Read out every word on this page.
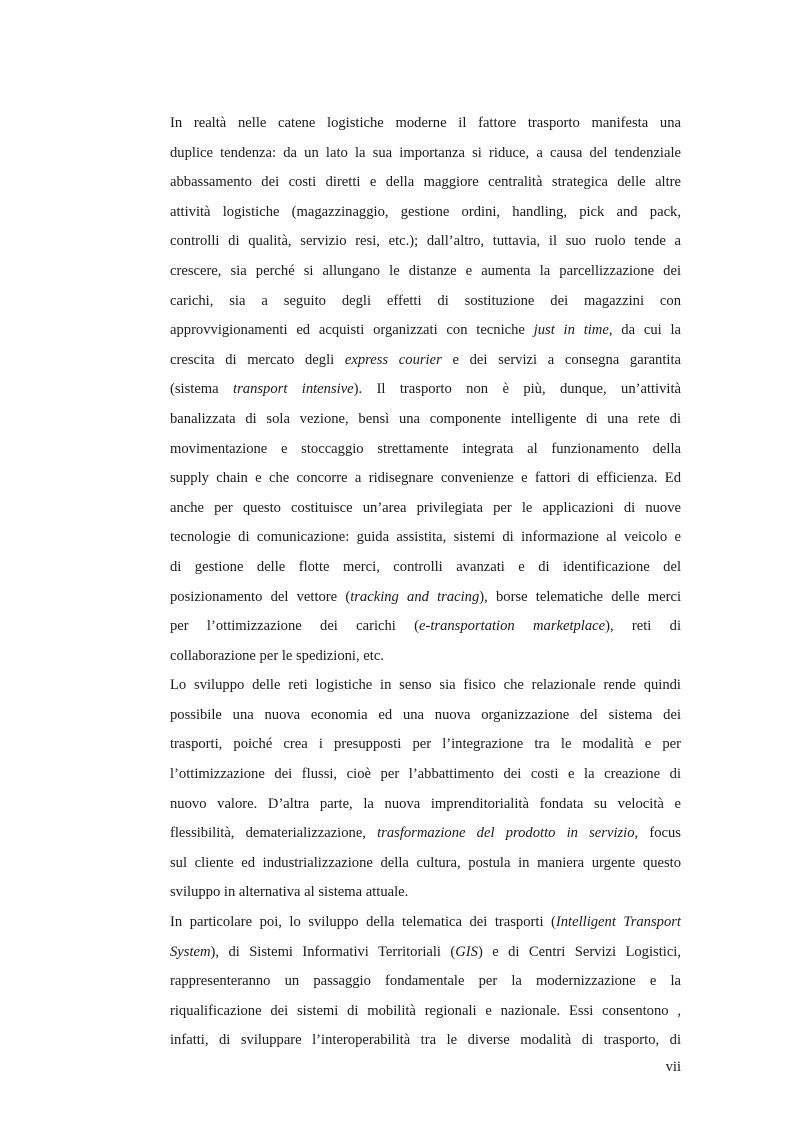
In realtà nelle catene logistiche moderne il fattore trasporto manifesta una
duplice tendenza: da un lato la sua importanza si riduce, a causa del tendenziale
abbassamento dei costi diretti e della maggiore centralità strategica delle altre
attività logistiche (magazzinaggio, gestione ordini, handling, pick and pack,
controlli di qualità, servizio resi, etc.); dall’altro, tuttavia, il suo ruolo tende a
crescere, sia perché si allungano le distanze e aumenta la parcellizzazione dei
carichi, sia a seguito degli effetti di sostituzione dei magazzini con
approvvigionamenti ed acquisti organizzati con tecniche just in time, da cui la
crescita di mercato degli express courier e dei servizi a consegna garantita
(sistema transport intensive). Il trasporto non è più, dunque, un’attività
banalizzata di sola vezione, bensì una componente intelligente di una rete di
movimentazione e stoccaggio strettamente integrata al funzionamento della
supply chain e che concorre a ridisegnare convenienze e fattori di efficienza. Ed
anche per questo costituisce un’area privilegiata per le applicazioni di nuove
tecnologie di comunicazione: guida assistita, sistemi di informazione al veicolo e
di gestione delle flotte merci, controlli avanzati e di identificazione del
posizionamento del vettore (tracking and tracing), borse telematiche delle merci
per l’ottimizzazione dei carichi (e-transportation marketplace), reti di
collaborazione per le spedizioni, etc.
Lo sviluppo delle reti logistiche in senso sia fisico che relazionale rende quindi
possibile una nuova economia ed una nuova organizzazione del sistema dei
trasporti, poiché crea i presupposti per l’integrazione tra le modalità e per
l’ottimizzazione dei flussi, cioè per l’abbattimento dei costi e la creazione di
nuovo valore. D’altra parte, la nuova imprenditorialità fondata su velocità e
flessibilità, dematerializzazione, trasformazione del prodotto in servizio, focus
sul cliente ed industrializzazione della cultura, postula in maniera urgente questo
sviluppo in alternativa al sistema attuale.
In particolare poi, lo sviluppo della telematica dei trasporti (Intelligent Transport
System), di Sistemi Informativi Territoriali (GIS) e di Centri Servizi Logistici,
rappresenteranno un passaggio fondamentale per la modernizzazione e la
riqualificazione dei sistemi di mobilità regionali e nazionale. Essi consentono ,
infatti, di sviluppare l’interoperabilità tra le diverse modalità di trasporto, di
vii
